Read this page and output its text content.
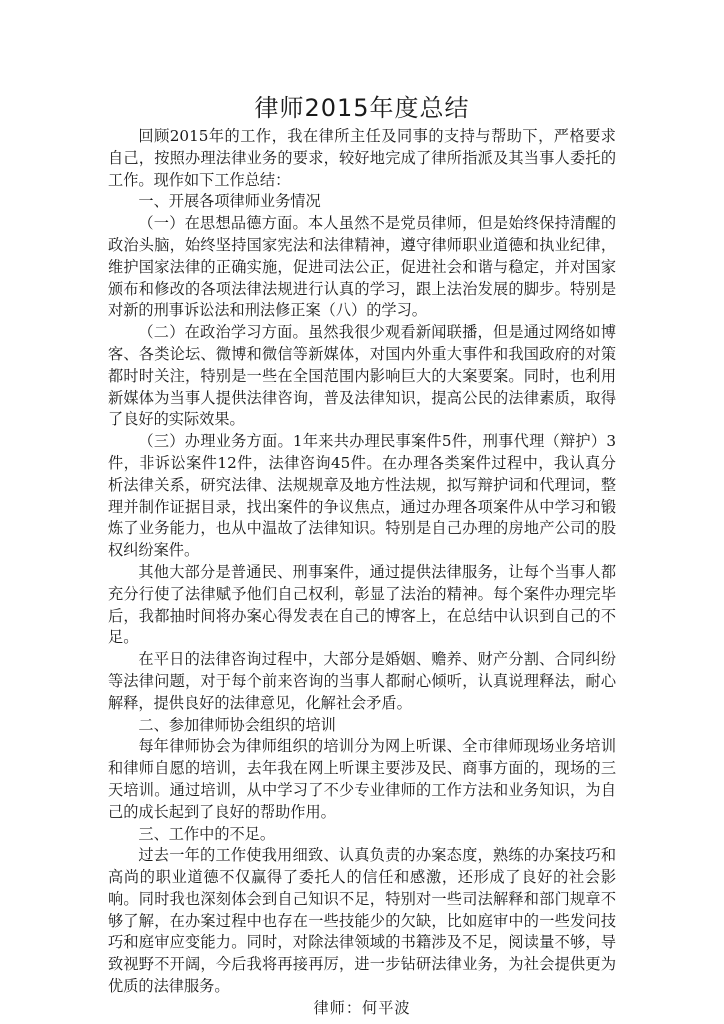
律师2015年度总结

回顾2015年的工作，我在律所主任及同事的支持与帮助下，严格要求自己，按照办理法律业务的要求，较好地完成了律所指派及其当事人委托的工作。现作如下工作总结：

一、开展各项律师业务情况

（一）在思想品德方面。本人虽然不是党员律师，但是始终保持清醒的政治头脑，始终坚持国家宪法和法律精神，遵守律师职业道德和执业纪律，维护国家法律的正确实施，促进司法公正，促进社会和谐与稳定，并对国家颁布和修改的各项法律法规进行认真的学习，跟上法治发展的脚步。特别是对新的刑事诉讼法和刑法修正案（八）的学习。

（二）在政治学习方面。虽然我很少观看新闻联播，但是通过网络如博客、各类论坛、微博和微信等新媒体，对国内外重大事件和我国政府的对策都时时关注，特别是一些在全国范围内影响巨大的大案要案。同时，也利用新媒体为当事人提供法律咨询，普及法律知识，提高公民的法律素质，取得了良好的实际效果。

（三）办理业务方面。1年来共办理民事案件5件，刑事代理（辩护）3件，非诉讼案件12件，法律咨询45件。在办理各类案件过程中，我认真分析法律关系，研究法律、法规规章及地方性法规，拟写辩护词和代理词，整理并制作证据目录，找出案件的争议焦点，通过办理各项案件从中学习和锻炼了业务能力，也从中温故了法律知识。特别是自己办理的房地产公司的股权纠纷案件。

其他大部分是普通民、刑事案件，通过提供法律服务，让每个当事人都充分行使了法律赋予他们自己权利，彰显了法治的精神。每个案件办理完毕后，我都抽时间将办案心得发表在自己的博客上，在总结中认识到自己的不足。

在平日的法律咨询过程中，大部分是婚姻、赡养、财产分割、合同纠纷等法律问题，对于每个前来咨询的当事人都耐心倾听，认真说理释法，耐心解释，提供良好的法律意见，化解社会矛盾。

二、参加律师协会组织的培训

每年律师协会为律师组织的培训分为网上听课、全市律师现场业务培训和律师自愿的培训，去年我在网上听课主要涉及民、商事方面的，现场的三天培训。通过培训，从中学习了不少专业律师的工作方法和业务知识，为自己的成长起到了良好的帮助作用。

三、工作中的不足。

过去一年的工作使我用细致、认真负责的办案态度，熟练的办案技巧和高尚的职业道德不仅赢得了委托人的信任和感激，还形成了良好的社会影响。同时我也深刻体会到自己知识不足，特别对一些司法解释和部门规章不够了解，在办案过程中也存在一些技能少的欠缺，比如庭审中的一些发问技巧和庭审应变能力。同时，对除法律领域的书籍涉及不足，阅读量不够，导致视野不开阔，今后我将再接再厉，进一步钻研法律业务，为社会提供更为优质的法律服务。

律师：何平波
